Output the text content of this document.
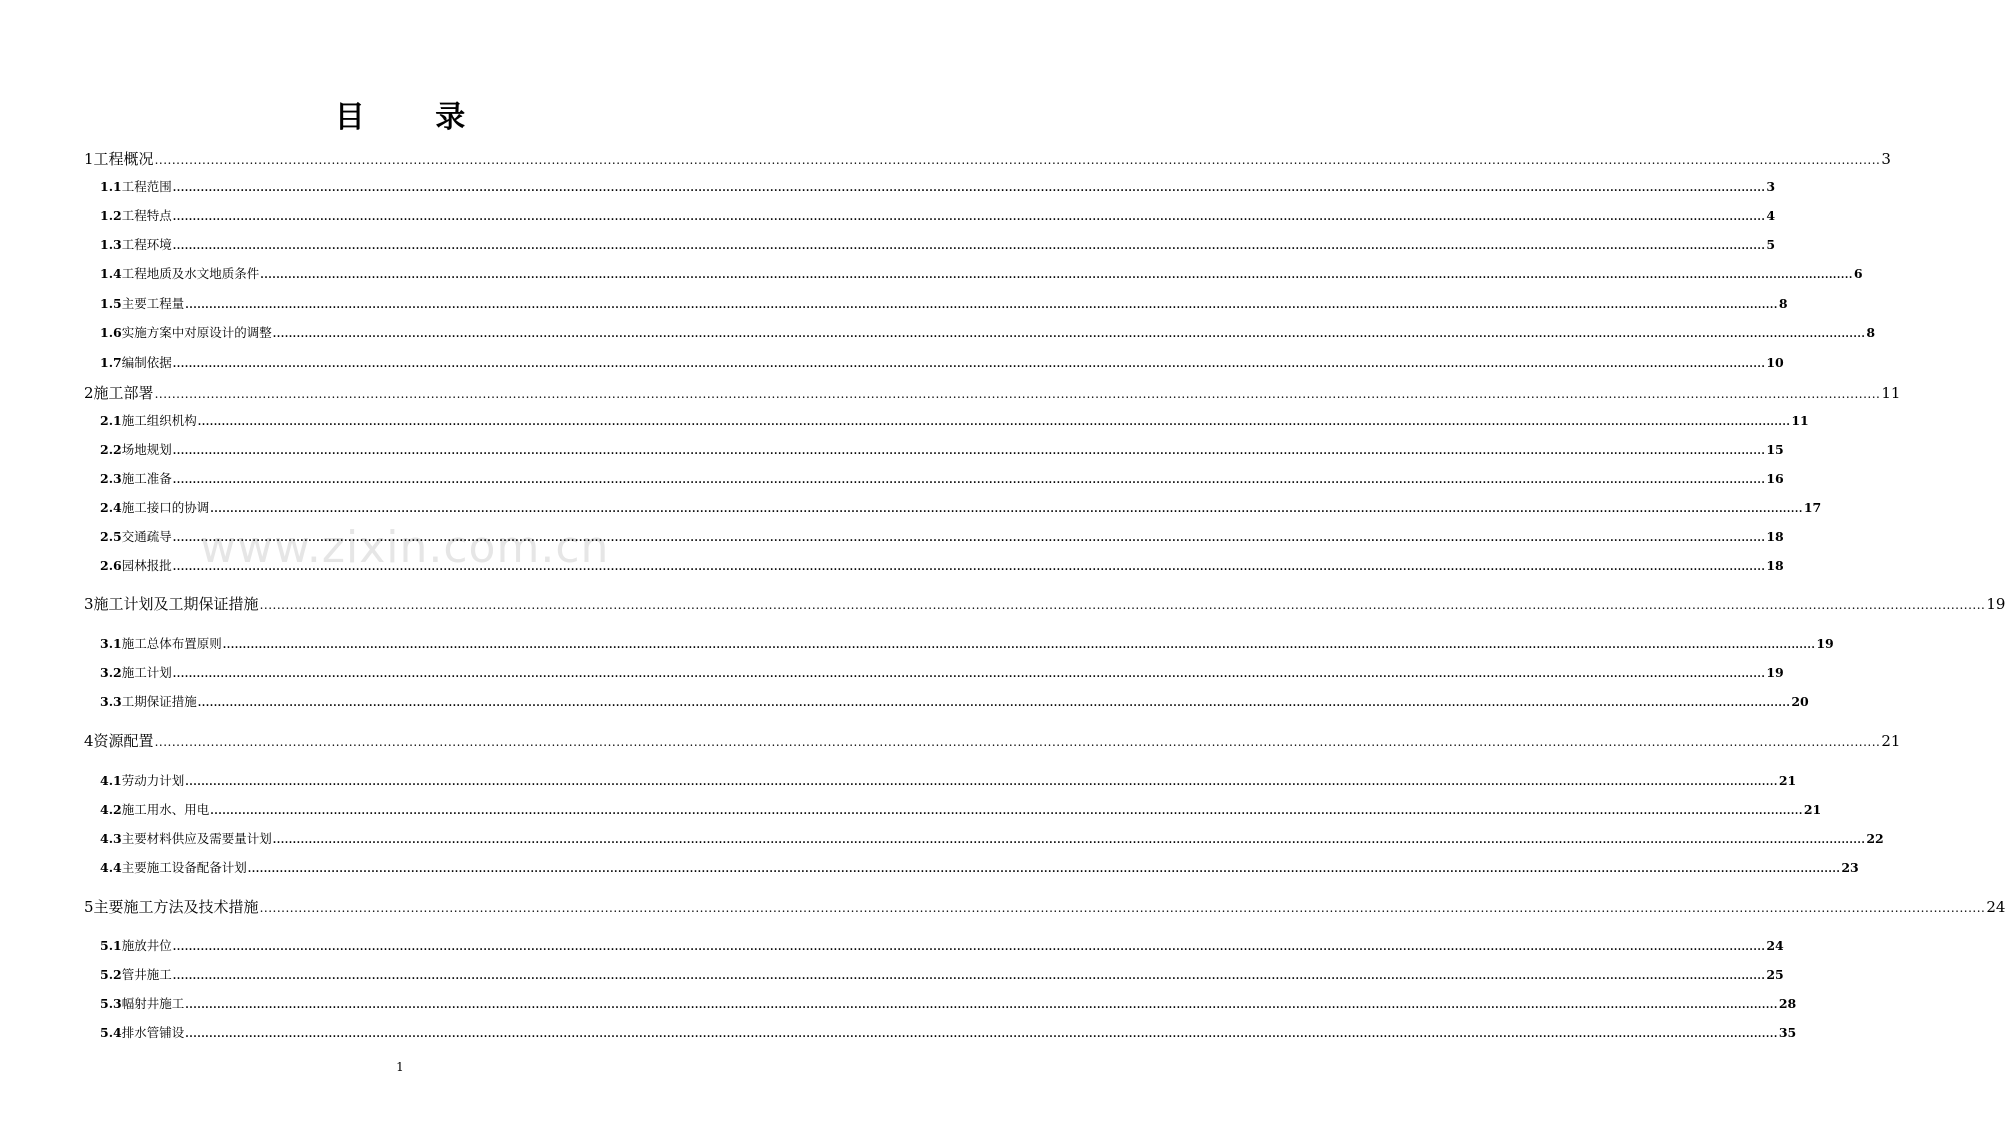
目 录
www.zixin.com.cn
1 工程概况 ................................................................................................................................................................................................................................................................................................................................................................................................................ 3
1.1 工程范围 ................................................................................................................................................................................................................................................................................................................................................................................................................ 3
1.2 工程特点 ................................................................................................................................................................................................................................................................................................................................................................................................................ 4
1.3 工程环境 ................................................................................................................................................................................................................................................................................................................................................................................................................ 5
1.4 工程地质及水文地质条件 ................................................................................................................................................................................................................................................................................................................................................................................................................ 6
1.5 主要工程量 ................................................................................................................................................................................................................................................................................................................................................................................................................ 8
1.6 实施方案中对原设计的调整 ................................................................................................................................................................................................................................................................................................................................................................................................................ 8
1.7 编制依据 ................................................................................................................................................................................................................................................................................................................................................................................................................ 10
2 施工部署 ................................................................................................................................................................................................................................................................................................................................................................................................................ 11
2.1 施工组织机构 ................................................................................................................................................................................................................................................................................................................................................................................................................ 11
2.2 场地规划 ................................................................................................................................................................................................................................................................................................................................................................................................................ 15
2.3 施工准备 ................................................................................................................................................................................................................................................................................................................................................................................................................ 16
2.4 施工接口的协调 ................................................................................................................................................................................................................................................................................................................................................................................................................ 17
2.5 交通疏导 ................................................................................................................................................................................................................................................................................................................................................................................................................ 18
2.6 园林报批 ................................................................................................................................................................................................................................................................................................................................................................................................................ 18
3 施工计划及工期保证措施 ................................................................................................................................................................................................................................................................................................................................................................................................................ 19
3.1 施工总体布置原则 ................................................................................................................................................................................................................................................................................................................................................................................................................ 19
3.2 施工计划 ................................................................................................................................................................................................................................................................................................................................................................................................................ 19
3.3 工期保证措施 ................................................................................................................................................................................................................................................................................................................................................................................................................ 20
4 资源配置 ................................................................................................................................................................................................................................................................................................................................................................................................................ 21
4.1 劳动力计划 ................................................................................................................................................................................................................................................................................................................................................................................................................ 21
4.2 施工用水、用电 ................................................................................................................................................................................................................................................................................................................................................................................................................ 21
4.3 主要材料供应及需要量计划 ................................................................................................................................................................................................................................................................................................................................................................................................................ 22
4.4 主要施工设备配备计划 ................................................................................................................................................................................................................................................................................................................................................................................................................ 23
5 主要施工方法及技术措施 ................................................................................................................................................................................................................................................................................................................................................................................................................ 24
5.1 施放井位 ................................................................................................................................................................................................................................................................................................................................................................................................................ 24
5.2 管井施工 ................................................................................................................................................................................................................................................................................................................................................................................................................ 25
5.3 幅射井施工 ................................................................................................................................................................................................................................................................................................................................................................................................................ 28
5.4 排水管铺设 ................................................................................................................................................................................................................................................................................................................................................................................................................ 35
1
